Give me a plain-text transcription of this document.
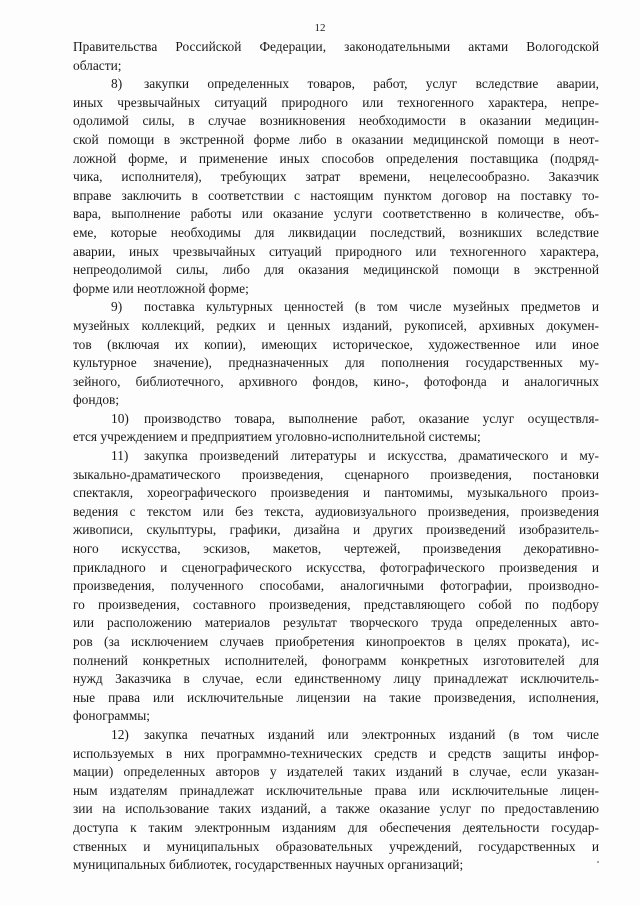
12
Правительства Российской Федерации, законодательными актами Вологодской
области;
8) закупки определенных товаров, работ, услуг вследствие аварии,
иных чрезвычайных ситуаций природного или техногенного характера, непре-
одолимой силы, в случае возникновения необходимости в оказании медицин-
ской помощи в экстренной форме либо в оказании медицинской помощи в неот-
ложной форме, и применение иных способов определения поставщика (подряд-
чика, исполнителя), требующих затрат времени, нецелесообразно. Заказчик
вправе заключить в соответствии с настоящим пунктом договор на поставку то-
вара, выполнение работы или оказание услуги соответственно в количестве, объ-
еме, которые необходимы для ликвидации последствий, возникших вследствие
аварии, иных чрезвычайных ситуаций природного или техногенного характера,
непреодолимой силы, либо для оказания медицинской помощи в экстренной
форме или неотложной форме;
9) поставка культурных ценностей (в том числе музейных предметов и
музейных коллекций, редких и ценных изданий, рукописей, архивных докумен-
тов (включая их копии), имеющих историческое, художественное или иное
культурное значение), предназначенных для пополнения государственных му-
зейного, библиотечного, архивного фондов, кино-, фотофонда и аналогичных
фондов;
10) производство товара, выполнение работ, оказание услуг осуществля-
ется учреждением и предприятием уголовно-исполнительной системы;
11) закупка произведений литературы и искусства, драматического и му-
зыкально-драматического произведения, сценарного произведения, постановки
спектакля, хореографического произведения и пантомимы, музыкального произ-
ведения с текстом или без текста, аудиовизуального произведения, произведения
живописи, скульптуры, графики, дизайна и других произведений изобразитель-
ного искусства, эскизов, макетов, чертежей, произведения декоративно-
прикладного и сценографического искусства, фотографического произведения и
произведения, полученного способами, аналогичными фотографии, производно-
го произведения, составного произведения, представляющего собой по подбору
или расположению материалов результат творческого труда определенных авто-
ров (за исключением случаев приобретения кинопроектов в целях проката), ис-
полнений конкретных исполнителей, фонограмм конкретных изготовителей для
нужд Заказчика в случае, если единственному лицу принадлежат исключитель-
ные права или исключительные лицензии на такие произведения, исполнения,
фонограммы;
12) закупка печатных изданий или электронных изданий (в том числе
используемых в них программно-технических средств и средств защиты инфор-
мации) определенных авторов у издателей таких изданий в случае, если указан-
ным издателям принадлежат исключительные права или исключительные лицен-
зии на использование таких изданий, а также оказание услуг по предоставлению
доступа к таким электронным изданиям для обеспечения деятельности государ-
ственных и муниципальных образовательных учреждений, государственных и
муниципальных библиотек, государственных научных организаций;
